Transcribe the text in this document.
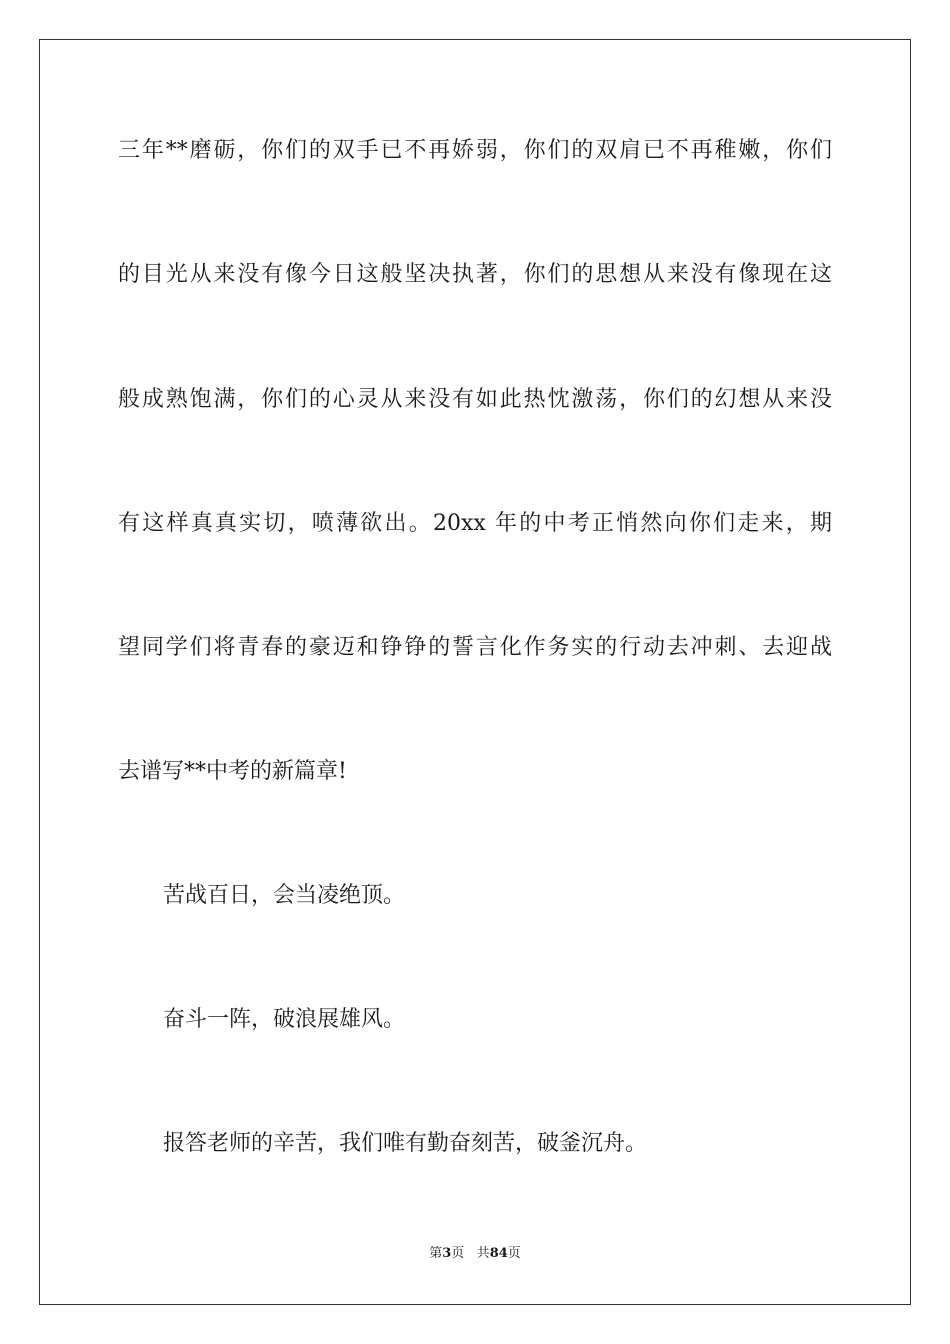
三年**磨砺，你们的双手已不再娇弱，你们的双肩已不再稚嫩，你们
的目光从来没有像今日这般坚决执著，你们的思想从来没有像现在这
般成熟饱满，你们的心灵从来没有如此热忱激荡，你们的幻想从来没
有这样真真实切，喷薄欲出。20xx 年的中考正悄然向你们走来，期
望同学们将青春的豪迈和铮铮的誓言化作务实的行动去冲刺、去迎战
去谱写**中考的新篇章!
苦战百日，会当凌绝顶。
奋斗一阵，破浪展雄风。
报答老师的辛苦，我们唯有勤奋刻苦，破釜沉舟。
第3页 共84页
